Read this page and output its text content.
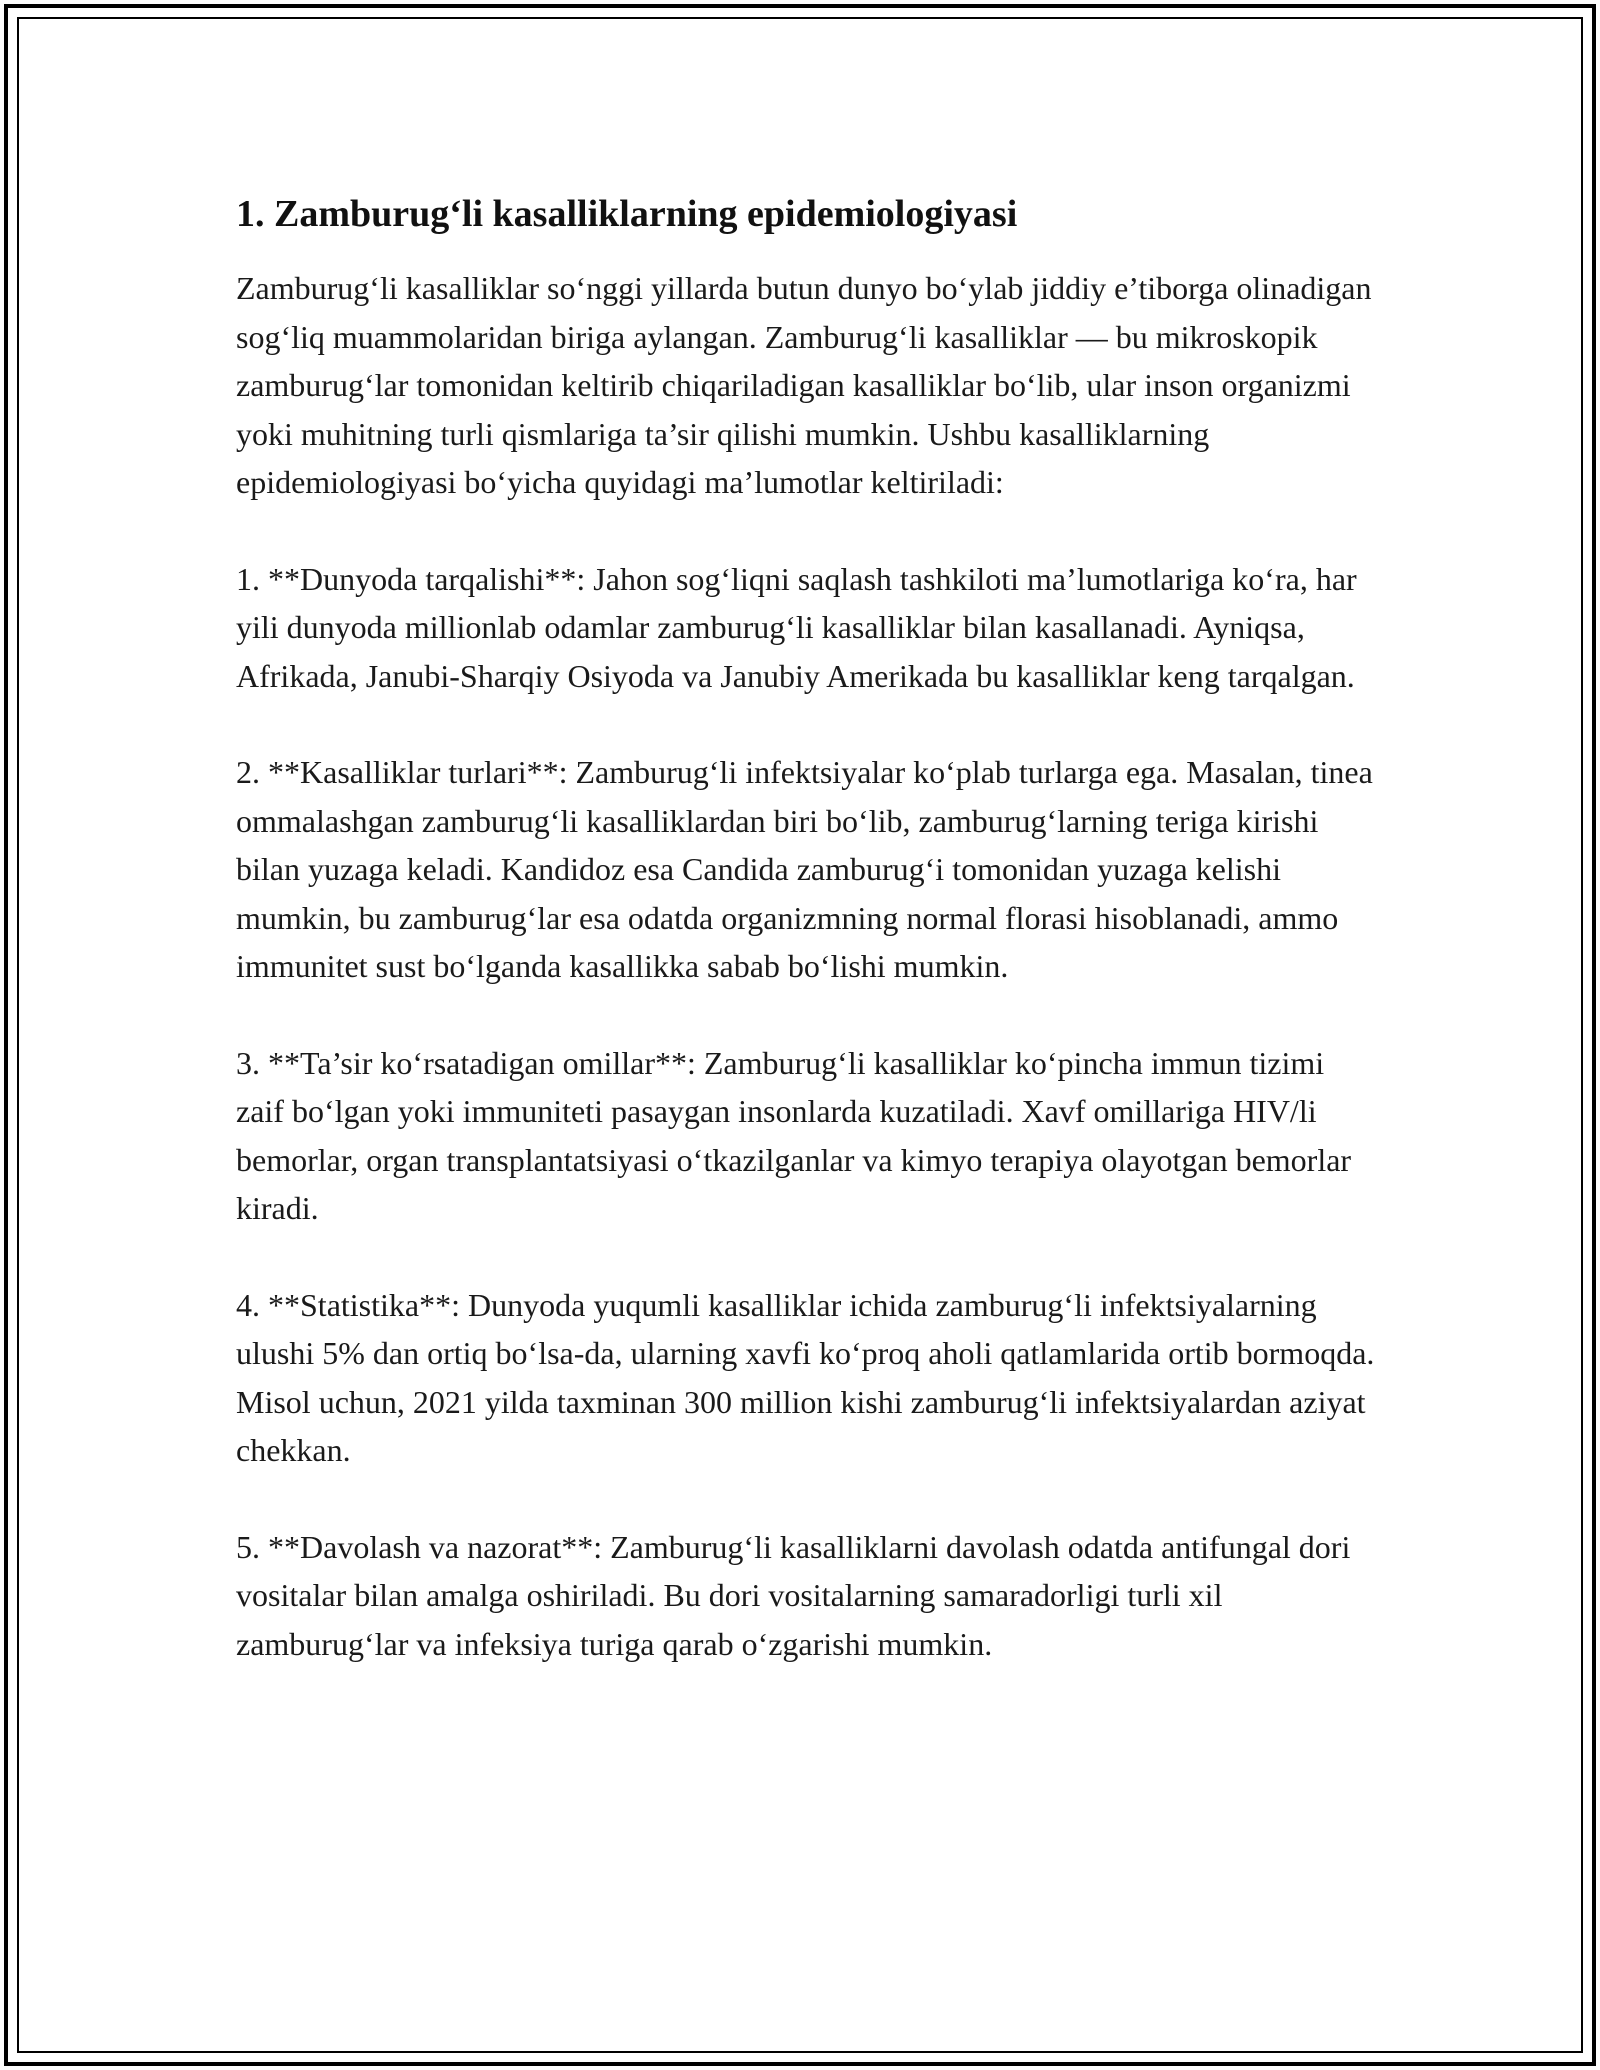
1. Zamburug‘li kasalliklarning epidemiologiyasi

Zamburug‘li kasalliklar so‘nggi yillarda butun dunyo bo‘ylab jiddiy e’tiborga olinadigan sog‘liq muammolaridan biriga aylangan. Zamburug‘li kasalliklar — bu mikroskopik zamburug‘lar tomonidan keltirib chiqariladigan kasalliklar bo‘lib, ular inson organizmi yoki muhitning turli qismlariga ta’sir qilishi mumkin. Ushbu kasalliklarning epidemiologiyasi bo‘yicha quyidagi ma’lumotlar keltiriladi:

1. **Dunyoda tarqalishi**: Jahon sog‘liqni saqlash tashkiloti ma’lumotlariga ko‘ra, har yili dunyoda millionlab odamlar zamburug‘li kasalliklar bilan kasallanadi. Ayniqsa, Afrikada, Janubi-Sharqiy Osiyoda va Janubiy Amerikada bu kasalliklar keng tarqalgan.

2. **Kasalliklar turlari**: Zamburug‘li infektsiyalar ko‘plab turlarga ega. Masalan, tinea ommalashgan zamburug‘li kasalliklardan biri bo‘lib, zamburug‘larning teriga kirishi bilan yuzaga keladi. Kandidoz esa Candida zamburug‘i tomonidan yuzaga kelishi mumkin, bu zamburug‘lar esa odatda organizmning normal florasi hisoblanadi, ammo immunitet sust bo‘lganda kasallikka sabab bo‘lishi mumkin.

3. **Ta’sir ko‘rsatadigan omillar**: Zamburug‘li kasalliklar ko‘pincha immun tizimi zaif bo‘lgan yoki immuniteti pasaygan insonlarda kuzatiladi. Xavf omillariga HIV/li bemorlar, organ transplantatsiyasi o‘tkazilganlar va kimyo terapiya olayotgan bemorlar kiradi.

4. **Statistika**: Dunyoda yuqumli kasalliklar ichida zamburug‘li infektsiyalarning ulushi 5% dan ortiq bo‘lsa-da, ularning xavfi ko‘proq aholi qatlamlarida ortib bormoqda. Misol uchun, 2021 yilda taxminan 300 million kishi zamburug‘li infektsiyalardan aziyat chekkan.

5. **Davolash va nazorat**: Zamburug‘li kasalliklarni davolash odatda antifungal dori vositalar bilan amalga oshiriladi. Bu dori vositalarning samaradorligi turli xil zamburug‘lar va infeksiya turiga qarab o‘zgarishi mumkin.
